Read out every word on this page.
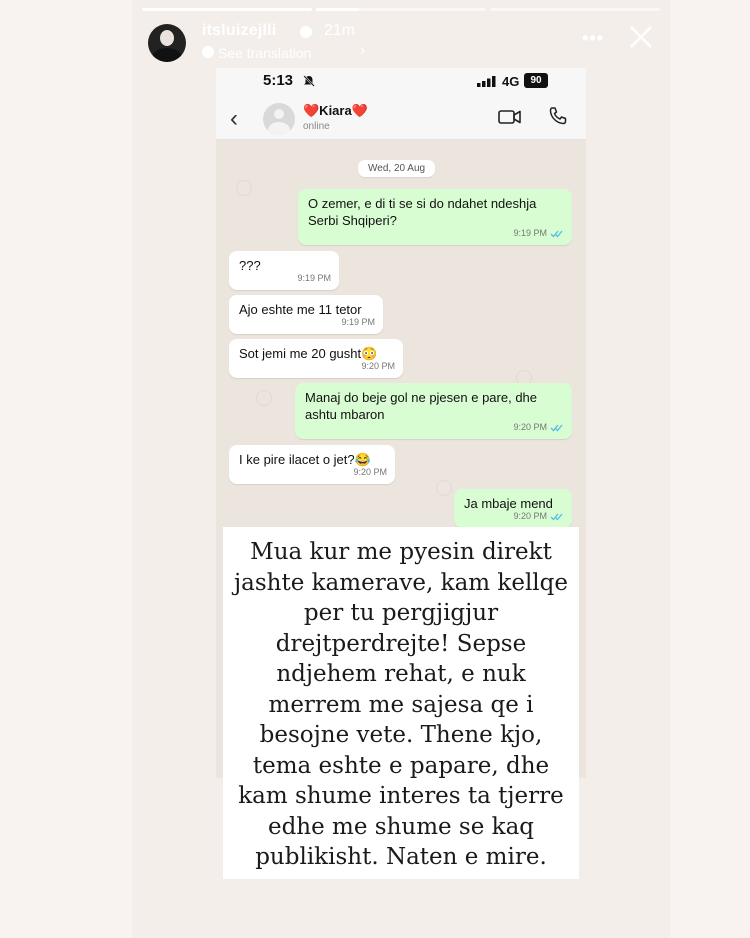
itsluizejlli	21m
See translation	›
•••
5:13	4G	90
‹	❤️Kiara❤️
online
Wed, 20 Aug
O zemer, e di ti se si do ndahet ndeshja Serbi Shqiperi?
9:19 PM
???
9:19 PM
Ajo eshte me 11 tetor
9:19 PM
Sot jemi me 20 gusht😳
9:20 PM
Manaj do beje gol ne pjesen e pare, dhe ashtu mbaron
9:20 PM
I ke pire ilacet o jet?😂
9:20 PM
Ja mbaje mend
9:20 PM
Mua kur me pyesin direkt jashte kamerave, kam kellqe per tu pergjigjur drejtperdrejte! Sepse ndjehem rehat, e nuk merrem me sajesa qe i besojne vete. Thene kjo, tema eshte e papare, dhe kam shume interes ta tjerre edhe me shume se kaq publikisht. Naten e mire.
